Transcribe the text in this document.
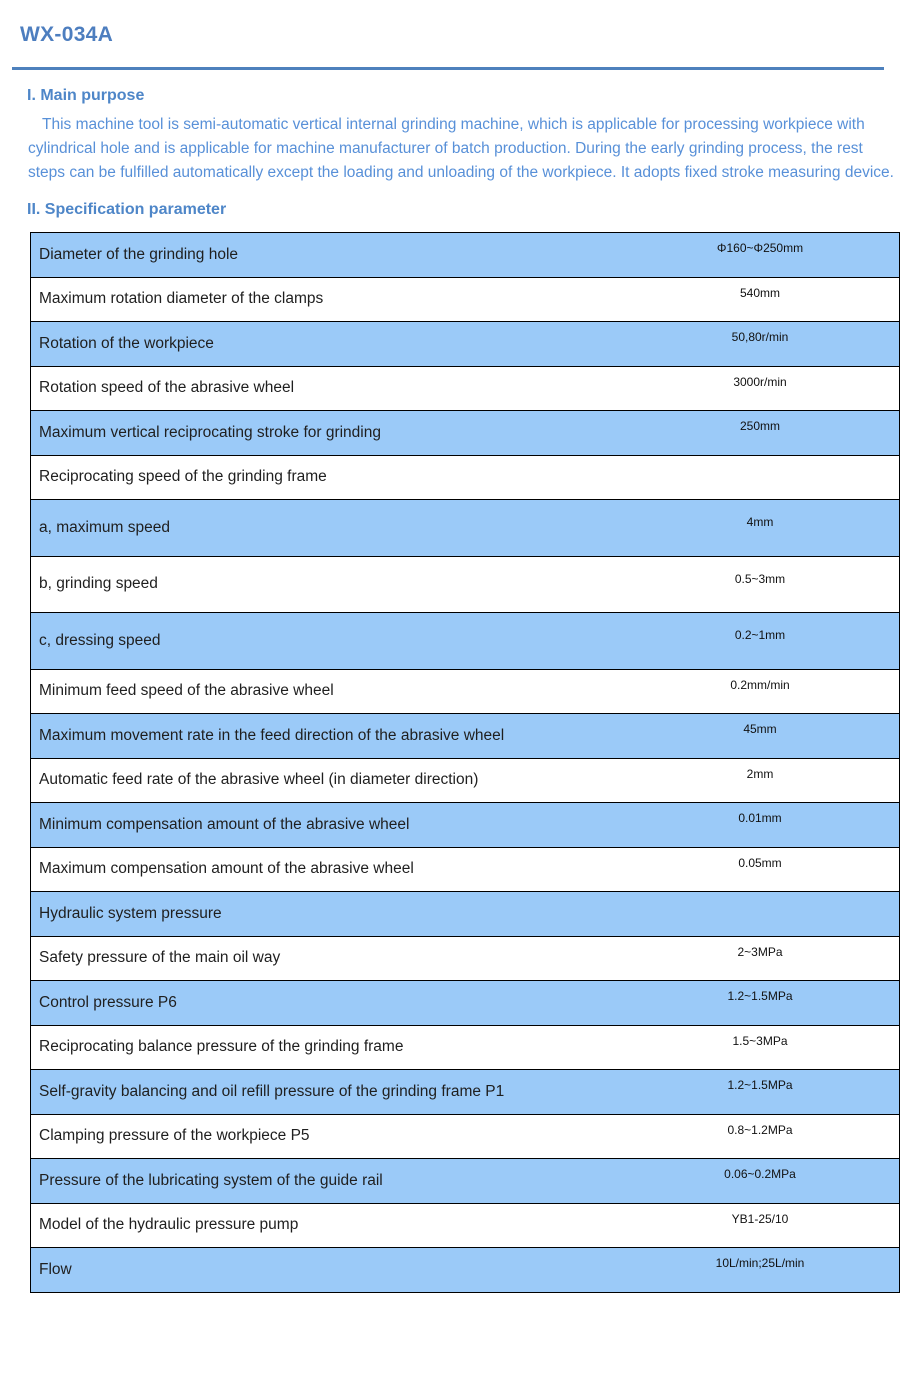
WX-034A
I. Main purpose

This machine tool is semi-automatic vertical internal grinding machine, which is applicable for processing workpiece with cylindrical hole and is applicable for machine manufacturer of batch production. During the early grinding process, the rest steps can be fulfilled automatically except the loading and unloading of the workpiece. It adopts fixed stroke measuring device.

II. Specification parameter
Diameter of the grinding hole	Φ160~Φ250mm
Maximum rotation diameter of the clamps	540mm
Rotation of the workpiece	50,80r/min
Rotation speed of the abrasive wheel	3000r/min
Maximum vertical reciprocating stroke for grinding	250mm
Reciprocating speed of the grinding frame
a, maximum speed	4mm
b, grinding speed	0.5~3mm
c, dressing speed	0.2~1mm
Minimum feed speed of the abrasive wheel	0.2mm/min
Maximum movement rate in the feed direction of the abrasive wheel	45mm
Automatic feed rate of the abrasive wheel (in diameter direction)	2mm
Minimum compensation amount of the abrasive wheel	0.01mm
Maximum compensation amount of the abrasive wheel	0.05mm
Hydraulic system pressure
Safety pressure of the main oil way	2~3MPa
Control pressure P6	1.2~1.5MPa
Reciprocating balance pressure of the grinding frame	1.5~3MPa
Self-gravity balancing and oil refill pressure of the grinding frame P1	1.2~1.5MPa
Clamping pressure of the workpiece P5	0.8~1.2MPa
Pressure of the lubricating system of the guide rail	0.06~0.2MPa
Model of the hydraulic pressure pump	YB1-25/10
Flow	10L/min;25L/min
